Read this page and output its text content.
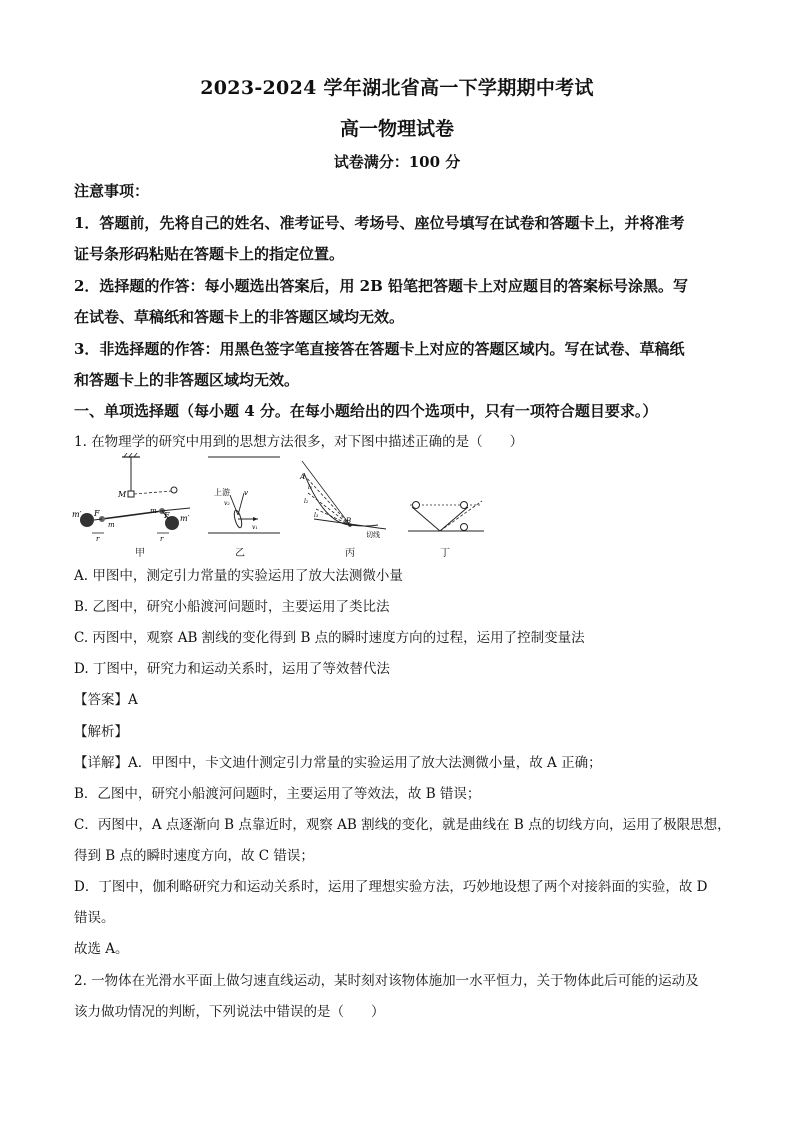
2023-2024 学年湖北省高一下学期期中考试
高一物理试卷
试卷满分：100 分
注意事项：
1．答题前，先将自己的姓名、准考证号、考场号、座位号填写在试卷和答题卡上，并将准考
证号条形码粘贴在答题卡上的指定位置。
2．选择题的作答：每小题选出答案后，用 2B 铅笔把答题卡上对应题目的答案标号涂黑。写
在试卷、草稿纸和答题卡上的非答题区域均无效。
3．非选择题的作答：用黑色签字笔直接答在答题卡上对应的答题区域内。写在试卷、草稿纸
和答题卡上的非答题区域均无效。
一、单项选择题（每小题 4 分。在每小题给出的四个选项中，只有一项符合题目要求。）
1. 在物理学的研究中用到的思想方法很多，对下图中描述正确的是（　　）
m′
M
F
m
r
m F m′
r
甲
上游 v
v₂
v₁
乙
A
B
l₁
l₂
l₃
切线
丙	丁
A. 甲图中，测定引力常量的实验运用了放大法测微小量
B. 乙图中，研究小船渡河问题时，主要运用了类比法
C. 丙图中，观察 AB 割线的变化得到 B 点的瞬时速度方向的过程，运用了控制变量法
D. 丁图中，研究力和运动关系时，运用了等效替代法
【答案】A
【解析】
【详解】A．甲图中，卡文迪什测定引力常量的实验运用了放大法测微小量，故 A 正确；
B．乙图中，研究小船渡河问题时，主要运用了等效法，故 B 错误；
C．丙图中，A 点逐渐向 B 点靠近时，观察 AB 割线的变化，就是曲线在 B 点的切线方向，运用了极限思想，
得到 B 点的瞬时速度方向，故 C 错误；
D．丁图中，伽利略研究力和运动关系时，运用了理想实验方法，巧妙地设想了两个对接斜面的实验，故 D
错误。
故选 A。
2. 一物体在光滑水平面上做匀速直线运动，某时刻对该物体施加一水平恒力，关于物体此后可能的运动及
该力做功情况的判断，下列说法中错误的是（　　）
